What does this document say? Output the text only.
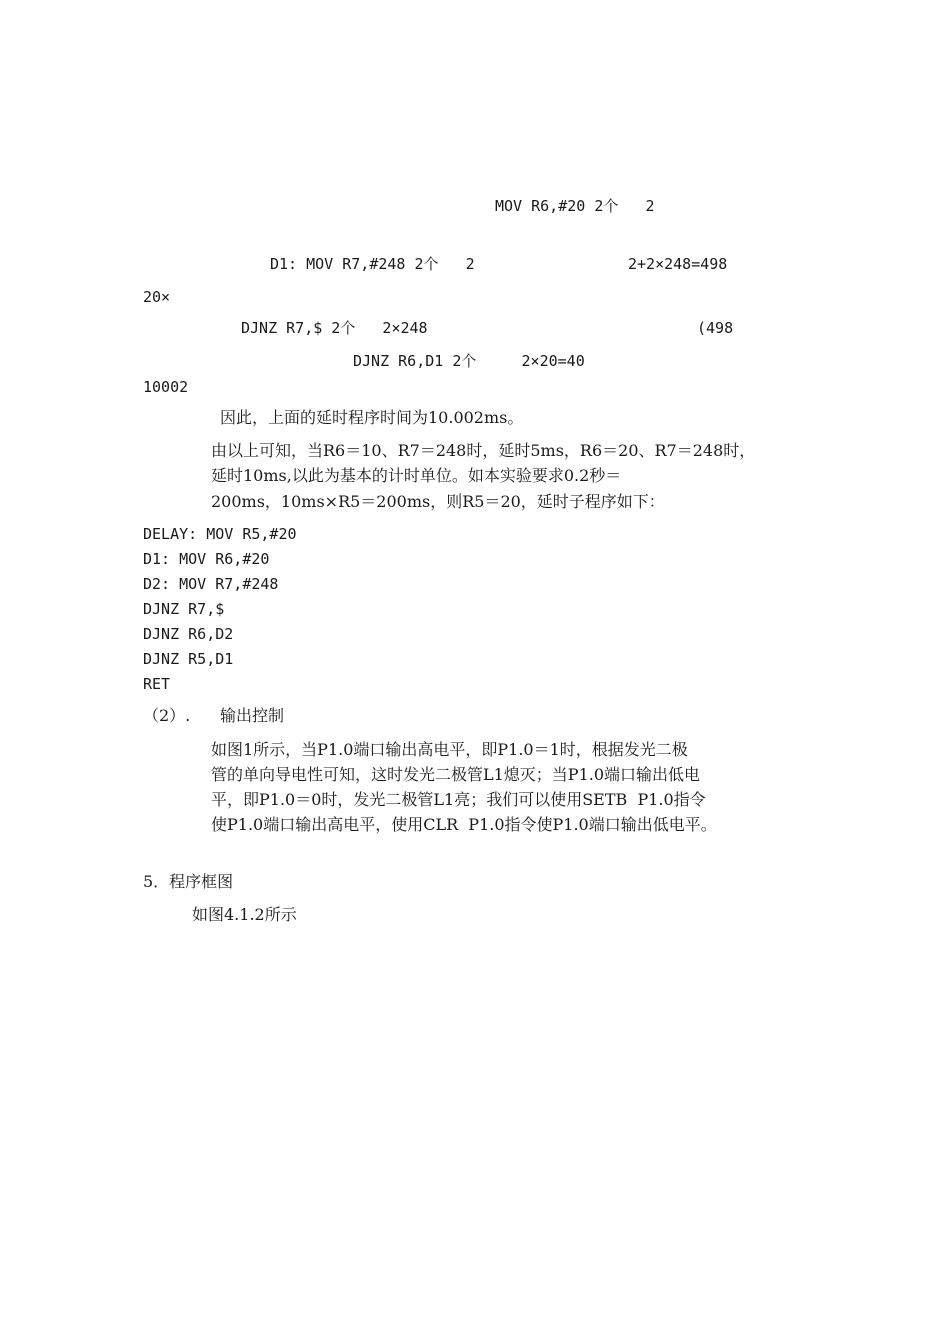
MOV R6,#20 2个   2
D1: MOV R7,#248 2个   2	2+2×248=498
20×
DJNZ R7,$ 2个   2×248	(498
DJNZ R6,D1 2个     2×20=40
10002
因此，上面的延时程序时间为10.002ms。
由以上可知，当R6＝10、R7＝248时，延时5ms，R6＝20、R7＝248时，
延时10ms,以此为基本的计时单位。如本实验要求0.2秒＝
200ms，10ms×R5＝200ms，则R5＝20，延时子程序如下：
DELAY: MOV R5,#20
D1: MOV R6,#20
D2: MOV R7,#248
DJNZ R7,$
DJNZ R6,D2
DJNZ R5,D1
RET
（2）. 输出控制
如图1所示，当P1.0端口输出高电平，即P1.0＝1时，根据发光二极
管的单向导电性可知，这时发光二极管L1熄灭；当P1.0端口输出低电
平，即P1.0＝0时，发光二极管L1亮；我们可以使用SETB  P1.0指令
使P1.0端口输出高电平，使用CLR  P1.0指令使P1.0端口输出低电平。
5．程序框图
如图4.1.2所示
